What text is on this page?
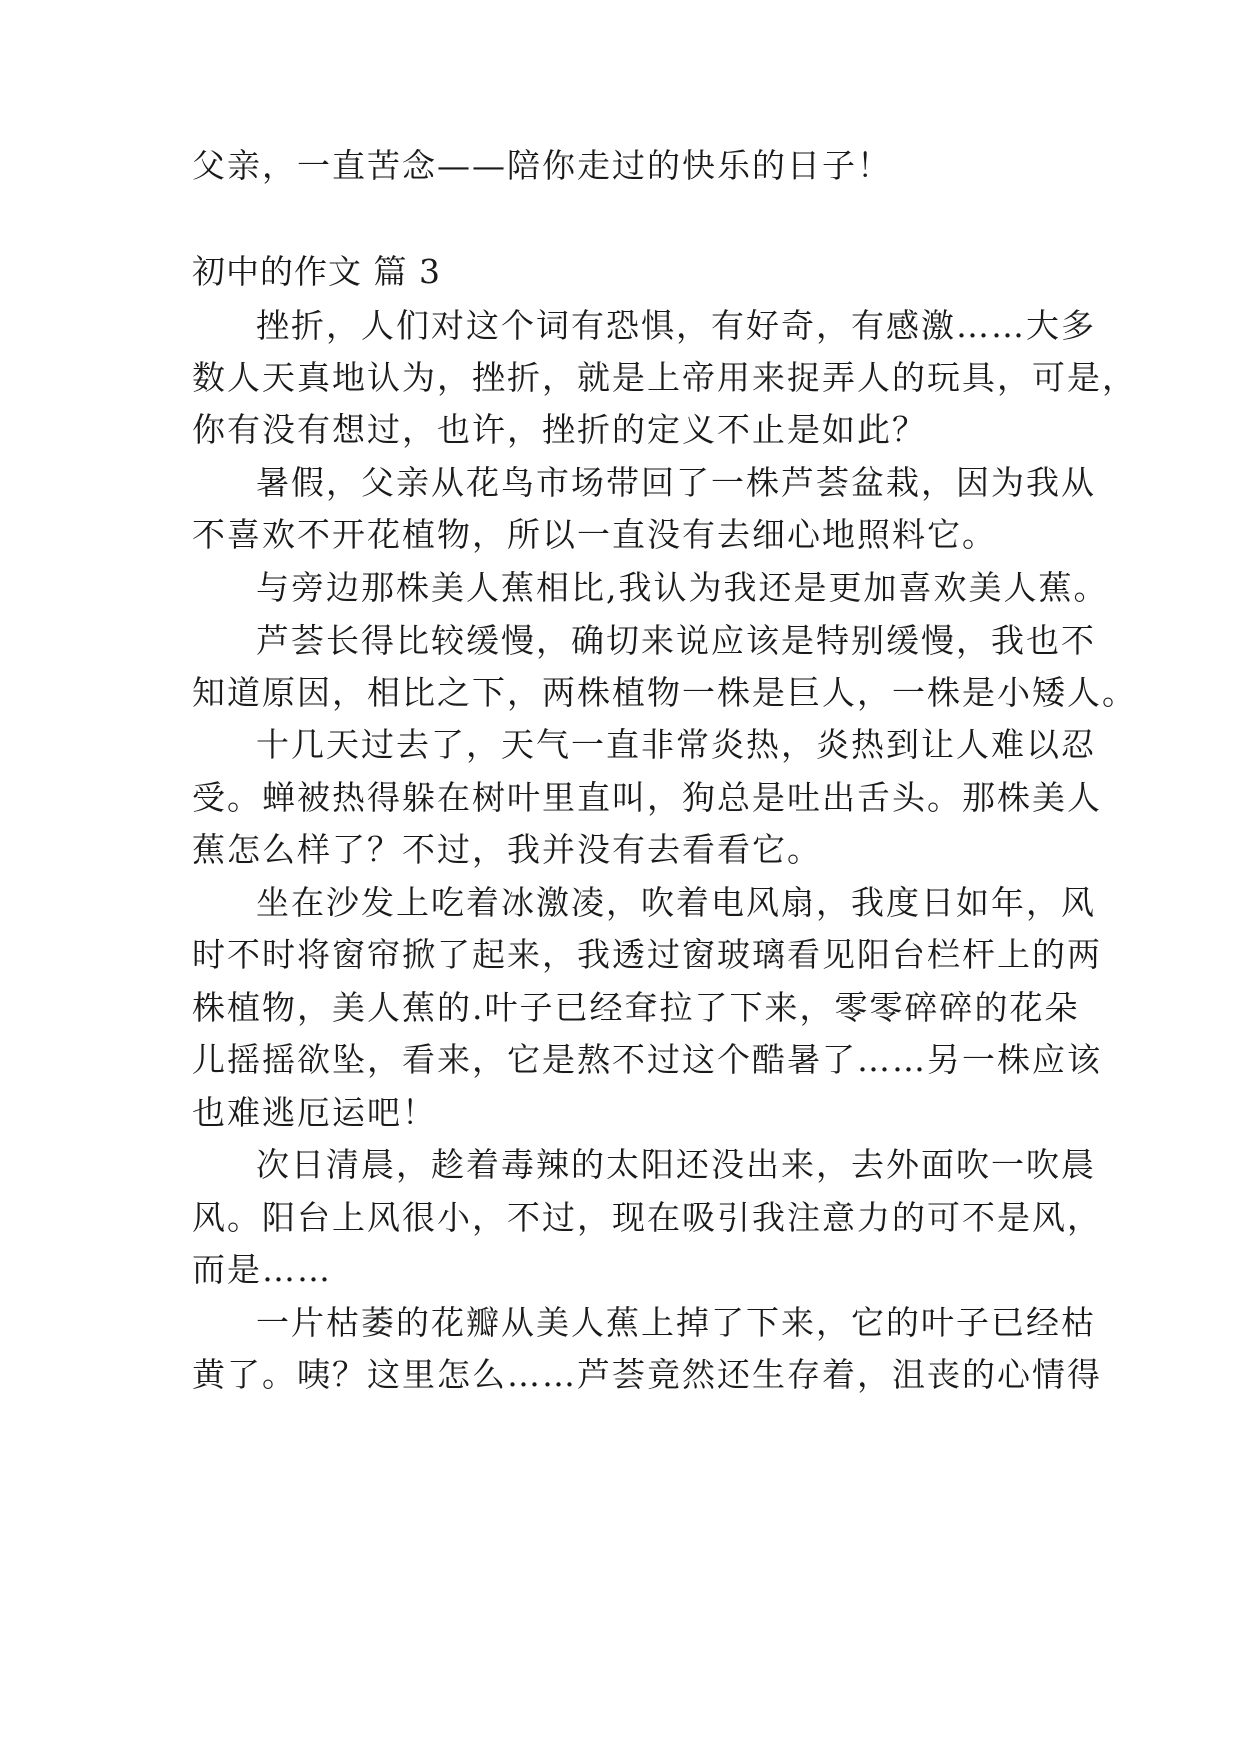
父亲，一直苦念——陪你走过的快乐的日子！
初中的作文 篇 3
挫折，人们对这个词有恐惧，有好奇，有感激……大多
数人天真地认为，挫折，就是上帝用来捉弄人的玩具，可是，
你有没有想过，也许，挫折的定义不止是如此？
暑假，父亲从花鸟市场带回了一株芦荟盆栽，因为我从
不喜欢不开花植物，所以一直没有去细心地照料它。
与旁边那株美人蕉相比,我认为我还是更加喜欢美人蕉。
芦荟长得比较缓慢，确切来说应该是特别缓慢，我也不
知道原因，相比之下，两株植物一株是巨人，一株是小矮人。
十几天过去了，天气一直非常炎热，炎热到让人难以忍
受。蝉被热得躲在树叶里直叫，狗总是吐出舌头。那株美人
蕉怎么样了？不过，我并没有去看看它。
坐在沙发上吃着冰激凌，吹着电风扇，我度日如年，风
时不时将窗帘掀了起来，我透过窗玻璃看见阳台栏杆上的两
株植物，美人蕉的.叶子已经耷拉了下来，零零碎碎的花朵
儿摇摇欲坠，看来，它是熬不过这个酷暑了……另一株应该
也难逃厄运吧！
次日清晨，趁着毒辣的太阳还没出来，去外面吹一吹晨
风。阳台上风很小，不过，现在吸引我注意力的可不是风，
而是……
一片枯萎的花瓣从美人蕉上掉了下来，它的叶子已经枯
黄了。咦？这里怎么……芦荟竟然还生存着，沮丧的心情得
